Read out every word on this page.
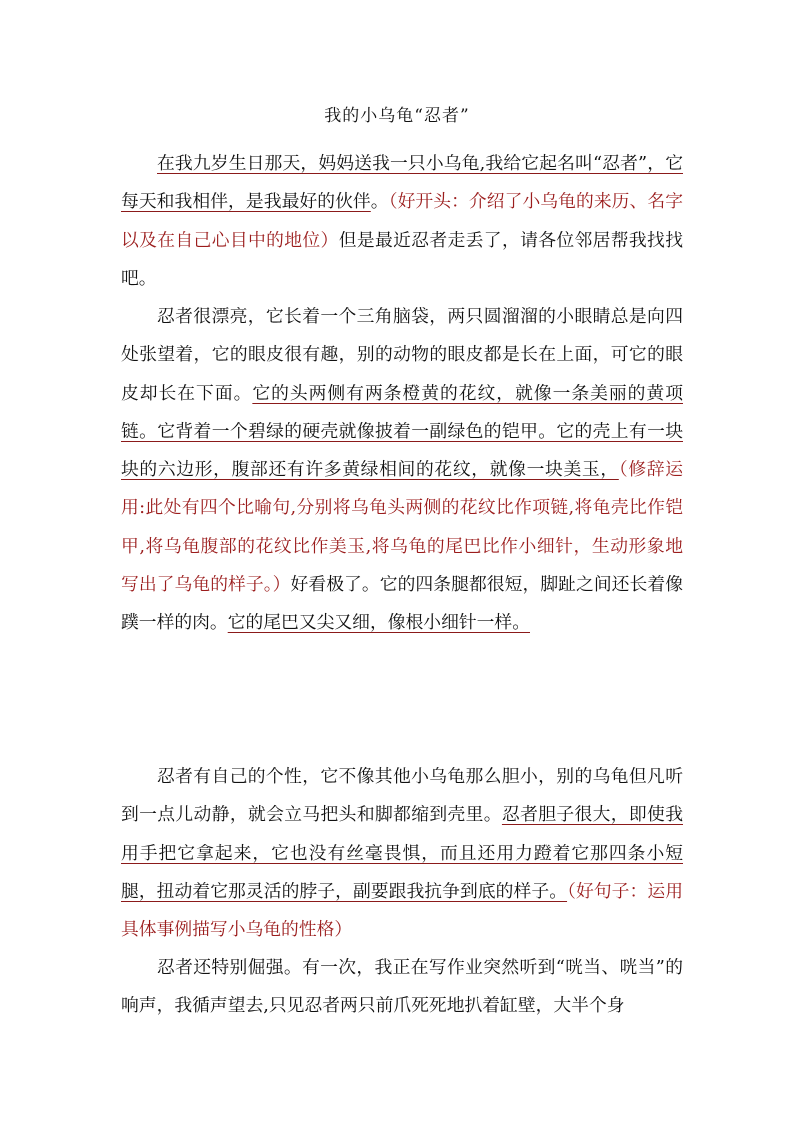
我的小乌龟“忍者”

在我九岁生日那天，妈妈送我一只小乌龟,我给它起名叫“忍者”，它每天和我相伴，是我最好的伙伴。（好开头：介绍了小乌龟的来历、名字以及在自己心目中的地位）但是最近忍者走丢了，请各位邻居帮我找找吧。

忍者很漂亮，它长着一个三角脑袋，两只圆溜溜的小眼睛总是向四处张望着，它的眼皮很有趣，别的动物的眼皮都是长在上面，可它的眼皮却长在下面。它的头两侧有两条橙黄的花纹，就像一条美丽的黄项链。它背着一个碧绿的硬壳就像披着一副绿色的铠甲。它的壳上有一块块的六边形，腹部还有许多黄绿相间的花纹，就像一块美玉，（修辞运用:此处有四个比喻句,分别将乌龟头两侧的花纹比作项链,将龟壳比作铠甲,将乌龟腹部的花纹比作美玉,将乌龟的尾巴比作小细针，生动形象地写出了乌龟的样子。）好看极了。它的四条腿都很短，脚趾之间还长着像蹼一样的肉。它的尾巴又尖又细，像根小细针一样。

忍者有自己的个性，它不像其他小乌龟那么胆小，别的乌龟但凡听到一点儿动静，就会立马把头和脚都缩到壳里。忍者胆子很大，即使我用手把它拿起来，它也没有丝毫畏惧，而且还用力蹬着它那四条小短腿，扭动着它那灵活的脖子，副要跟我抗争到底的样子。（好句子：运用具体事例描写小乌龟的性格）

忍者还特别倔强。有一次，我正在写作业突然听到“咣当、咣当”的响声，我循声望去,只见忍者两只前爪死死地扒着缸壁，大半个身
